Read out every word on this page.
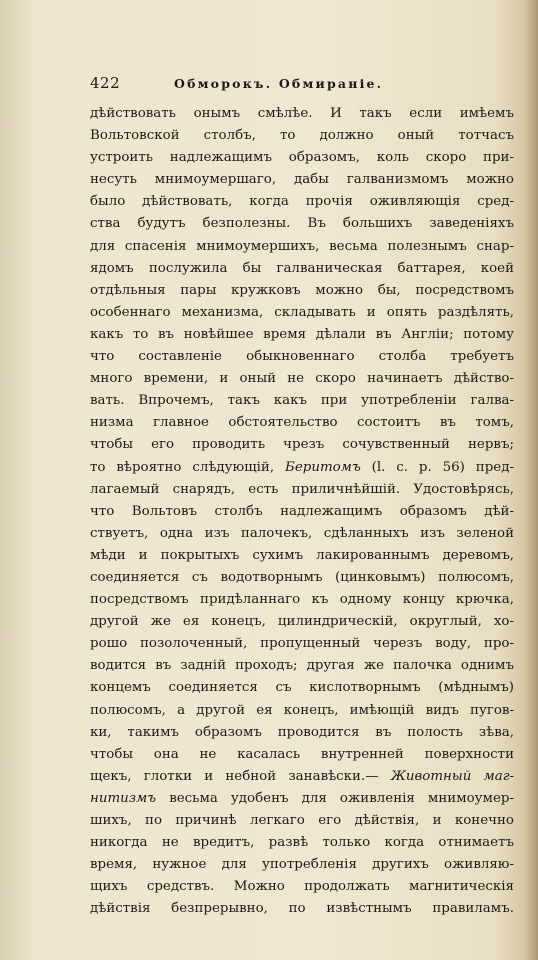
422	Обморокъ. Обмираніе.
дѣйствовать онымъ смѣлѣе. И такъ если имѣемъ
Вольтовской столбъ, то должно оный тотчасъ
устроить надлежащимъ образомъ, коль скоро при-
несуть мнимоумершаго, дабы галванизмомъ можно
было дѣйствовать, когда прочія оживляющія сред-
ства будутъ безполезны. Въ большихъ заведеніяхъ
для спасенія мнимоумершихъ, весьма полезнымъ снар-
ядомъ послужила бы галваническая баттарея, коей
отдѣльныя пары кружковъ можно бы, посредствомъ
особеннаго механизма, складывать и опять раздѣлять,
какъ то въ новѣйшее время дѣлали въ Англіи; потому
что составленіе обыкновеннаго столба требуетъ
много времени, и оный не скоро начинаетъ дѣйство-
вать. Впрочемъ, такъ какъ при употребленіи галва-
низма главное обстоятельство состоитъ въ томъ,
чтобы его проводить чрезъ сочувственный нервъ;
то вѣроятно слѣдующій, Беритомъ (l. c. p. 56) пред-
лагаемый снарядъ, есть приличнѣйшій. Удостовѣрясь,
что Вольтовъ столбъ надлежащимъ образомъ дѣй-
ствуетъ, одна изъ палочекъ, сдѣланныхъ изъ зеленой
мѣди и покрытыхъ сухимъ лакированнымъ деревомъ,
соединяется съ водотворнымъ (цинковымъ) полюсомъ,
посредствомъ придѣланнаго къ одному концу крючка,
другой же ея конецъ, цилиндрическій, округлый, хо-
рошо позолоченный, пропущенный черезъ воду, про-
водится въ задній проходъ; другая же палочка однимъ
концемъ соединяется съ кислотворнымъ (мѣднымъ)
полюсомъ, а другой ея конецъ, имѣющій видъ пугов-
ки, такимъ образомъ проводится въ полость зѣва,
чтобы она не касалась внутренней поверхности
щекъ, глотки и небной занавѣски.— Животный маг-
нитизмъ весьма удобенъ для оживленія мнимоумер-
шихъ, по причинѣ легкаго его дѣйствія, и конечно
никогда не вредитъ, развѣ только когда отнимаетъ
время, нужное для употребленія другихъ оживляю-
щихъ средствъ. Можно продолжать магнитическія
дѣйствія безпрерывно, по извѣстнымъ правиламъ.
